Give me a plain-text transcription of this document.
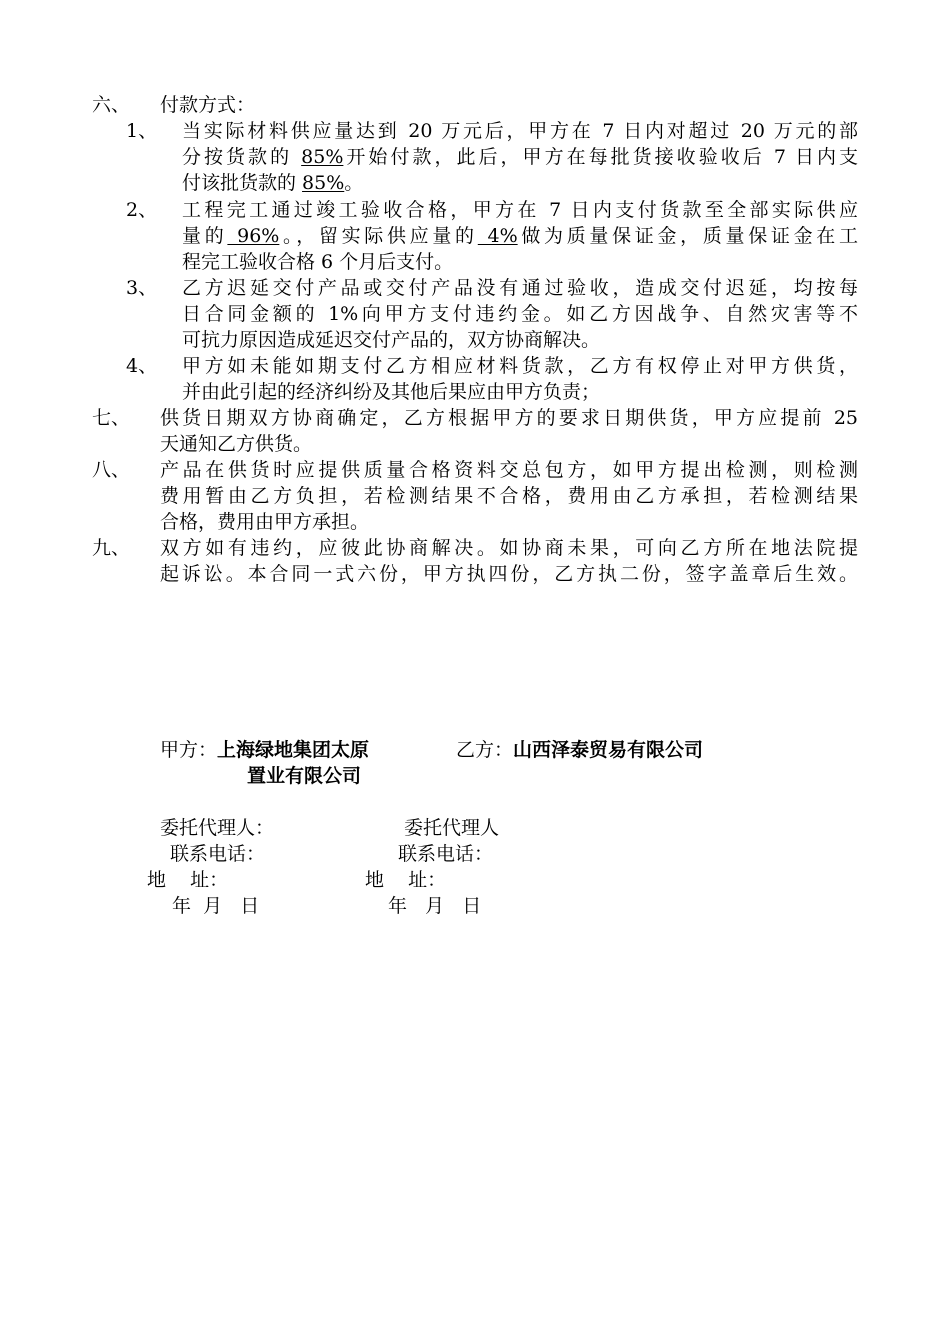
六、 付款方式：
1、 当实际材料供应量达到 20 万元后，甲方在 7 日内对超过 20 万元的部
分按货款的 85%开始付款，此后，甲方在每批货接收验收后 7 日内支
付该批货款的 85%。
2、 工程完工通过竣工验收合格，甲方在 7 日内支付货款至全部实际供应
量的 96%。，留实际供应量的 4%做为质量保证金，质量保证金在工
程完工验收合格 6 个月后支付。
3、 乙方迟延交付产品或交付产品没有通过验收，造成交付迟延，均按每
日合同金额的 1%向甲方支付违约金。如乙方因战争、自然灾害等不
可抗力原因造成延迟交付产品的，双方协商解决。
4、 甲方如未能如期支付乙方相应材料货款，乙方有权停止对甲方供货，
并由此引起的经济纠纷及其他后果应由甲方负责；
七、 供货日期双方协商确定，乙方根据甲方的要求日期供货，甲方应提前 25
天通知乙方供货。
八、 产品在供货时应提供质量合格资料交总包方，如甲方提出检测，则检测
费用暂由乙方负担，若检测结果不合格，费用由乙方承担，若检测结果
合格，费用由甲方承担。
九、 双方如有违约，应彼此协商解决。如协商未果，可向乙方所在地法院提
起诉讼。本合同一式六份，甲方执四份，乙方执二份，签字盖章后生效。
甲方：上海绿地集团太原
置业有限公司
乙方：山西泽泰贸易有限公司
委托代理人：	委托代理人
联系电话：	联系电话：
地    址：	地    址：
年  月   日	年   月   日
